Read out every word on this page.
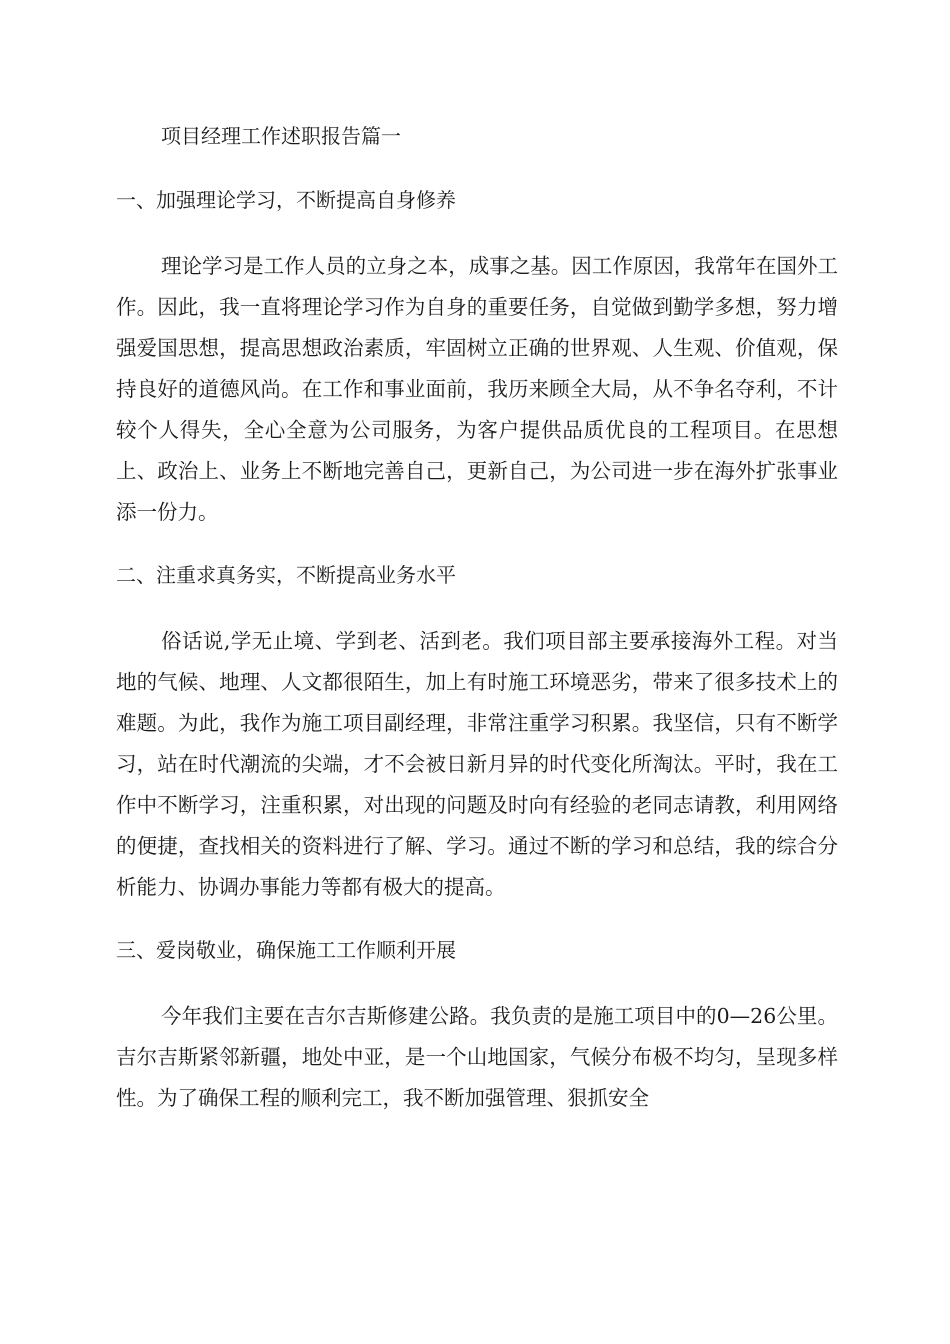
项目经理工作述职报告篇一
一、加强理论学习，不断提高自身修养

理论学习是工作人员的立身之本，成事之基。因工作原因，我常年在国外工作。因此，我一直将理论学习作为自身的重要任务，自觉做到勤学多想，努力增强爱国思想，提高思想政治素质，牢固树立正确的世界观、人生观、价值观，保持良好的道德风尚。在工作和事业面前，我历来顾全大局，从不争名夺利，不计较个人得失，全心全意为公司服务，为客户提供品质优良的工程项目。在思想上、政治上、业务上不断地完善自己，更新自己，为公司进一步在海外扩张事业添一份力。

二、注重求真务实，不断提高业务水平

俗话说,学无止境、学到老、活到老。我们项目部主要承接海外工程。对当地的气候、地理、人文都很陌生，加上有时施工环境恶劣，带来了很多技术上的难题。为此，我作为施工项目副经理，非常注重学习积累。我坚信，只有不断学习，站在时代潮流的尖端，才不会被日新月异的时代变化所淘汰。平时，我在工作中不断学习，注重积累，对出现的问题及时向有经验的老同志请教，利用网络的便捷，查找相关的资料进行了解、学习。通过不断的学习和总结，我的综合分析能力、协调办事能力等都有极大的提高。

三、爱岗敬业，确保施工工作顺利开展

今年我们主要在吉尔吉斯修建公路。我负责的是施工项目中的0—26公里。吉尔吉斯紧邻新疆，地处中亚，是一个山地国家，气候分布极不均匀，呈现多样性。为了确保工程的顺利完工，我不断加强管理、狠抓安全
